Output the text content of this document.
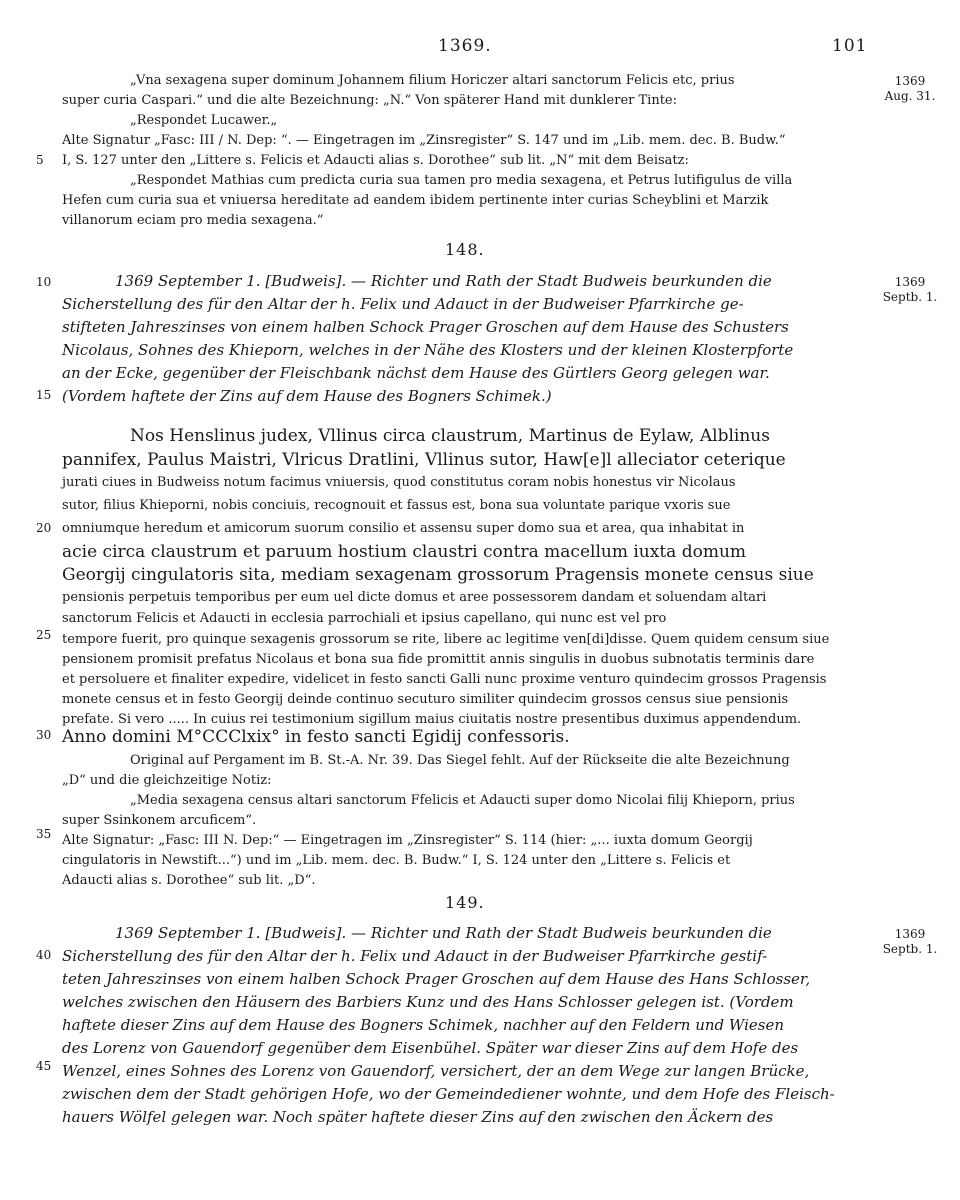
1369.	101
„Vna sexagena super dominum Johannem filium Horiczer altari sanctorum Felicis etc, prius
super curia Caspari.“ und die alte Bezeichnung: „N.“ Von späterer Hand mit dunklerer Tinte:
„Respondet Lucawer.„
Alte Signatur „Fasc: III / N. Dep: “. — Eingetragen im „Zinsregister“ S. 147 und im „Lib. mem. dec. B. Budw.“
I, S. 127 unter den „Littere s. Felicis et Adaucti alias s. Dorothee“ sub lit. „N“ mit dem Beisatz:
„Respondet Mathias cum predicta curia sua tamen pro media sexagena, et Petrus lutifigulus de villa
Hefen cum curia sua et vniuersa hereditate ad eandem ibidem pertinente inter curias Scheyblini et Marzik
villanorum eciam pro media sexagena.“
1369
Aug. 31.
5
10
15
20
25
30
35
40
45
148.
1369
Septb. 1.
1369 September 1. [Budweis]. — Richter und Rath der Stadt Budweis beurkunden die
Sicherstellung des für den Altar der h. Felix und Adauct in der Budweiser Pfarrkirche ge-
stifteten Jahreszinses von einem halben Schock Prager Groschen auf dem Hause des Schusters
Nicolaus, Sohnes des Khieporn, welches in der Nähe des Klosters und der kleinen Klosterpforte
an der Ecke, gegenüber der Fleischbank nächst dem Hause des Gürtlers Georg gelegen war.
(Vordem haftete der Zins auf dem Hause des Bogners Schimek.)
Nos Henslinus judex, Vllinus circa claustrum, Martinus de Eylaw, Alblinus
pannifex, Paulus Maistri, Vlricus Dratlini, Vllinus sutor, Haw[e]l alleciator ceterique
jurati ciues in Budweiss notum facimus vniuersis, quod constitutus coram nobis honestus vir Nicolaus
sutor, filius Khieporni, nobis conciuis, recognouit et fassus est, bona sua voluntate parique vxoris sue
omniumque heredum et amicorum suorum consilio et assensu super domo sua et area, qua inhabitat in
acie circa claustrum et paruum hostium claustri contra macellum iuxta domum
Georgij cingulatoris sita, mediam sexagenam grossorum Pragensis monete census siue
pensionis perpetuis temporibus per eum uel dicte domus et aree possessorem dandam et soluendam altari
sanctorum Felicis et Adaucti in ecclesia parrochiali et ipsius capellano, qui nunc est vel pro
tempore fuerit, pro quinque sexagenis grossorum se rite, libere ac legitime ven[di]disse. Quem quidem censum siue
pensionem promisit prefatus Nicolaus et bona sua fide promittit annis singulis in duobus subnotatis terminis dare
et persoluere et finaliter expedire, videlicet in festo sancti Galli nunc proxime venturo quindecim grossos Pragensis
monete census et in festo Georgij deinde continuo secuturo similiter quindecim grossos census siue pensionis
prefate. Si vero ..... In cuius rei testimonium sigillum maius ciuitatis nostre presentibus duximus appendendum.
Anno domini M°CCClxix° in festo sancti Egidij confessoris.
Original auf Pergament im B. St.-A. Nr. 39. Das Siegel fehlt. Auf der Rückseite die alte Bezeichnung
„D“ und die gleichzeitige Notiz:
„Media sexagena census altari sanctorum Ffelicis et Adaucti super domo Nicolai filij Khieporn, prius
super Ssinkonem arcuficem“.
Alte Signatur: „Fasc: III N. Dep:“ — Eingetragen im „Zinsregister“ S. 114 (hier: „... iuxta domum Georgij
cingulatoris in Newstift...“) und im „Lib. mem. dec. B. Budw.“ I, S. 124 unter den „Littere s. Felicis et
Adaucti alias s. Dorothee“ sub lit. „D“.
149.
1369
Septb. 1.
1369 September 1. [Budweis]. — Richter und Rath der Stadt Budweis beurkunden die
Sicherstellung des für den Altar der h. Felix und Adauct in der Budweiser Pfarrkirche gestif-
teten Jahreszinses von einem halben Schock Prager Groschen auf dem Hause des Hans Schlosser,
welches zwischen den Häusern des Barbiers Kunz und des Hans Schlosser gelegen ist. (Vordem
haftete dieser Zins auf dem Hause des Bogners Schimek, nachher auf den Feldern und Wiesen
des Lorenz von Gauendorf gegenüber dem Eisenbühel. Später war dieser Zins auf dem Hofe des
Wenzel, eines Sohnes des Lorenz von Gauendorf, versichert, der an dem Wege zur langen Brücke,
zwischen dem der Stadt gehörigen Hofe, wo der Gemeindediener wohnte, und dem Hofe des Fleisch-
hauers Wölfel gelegen war. Noch später haftete dieser Zins auf den zwischen den Äckern des
